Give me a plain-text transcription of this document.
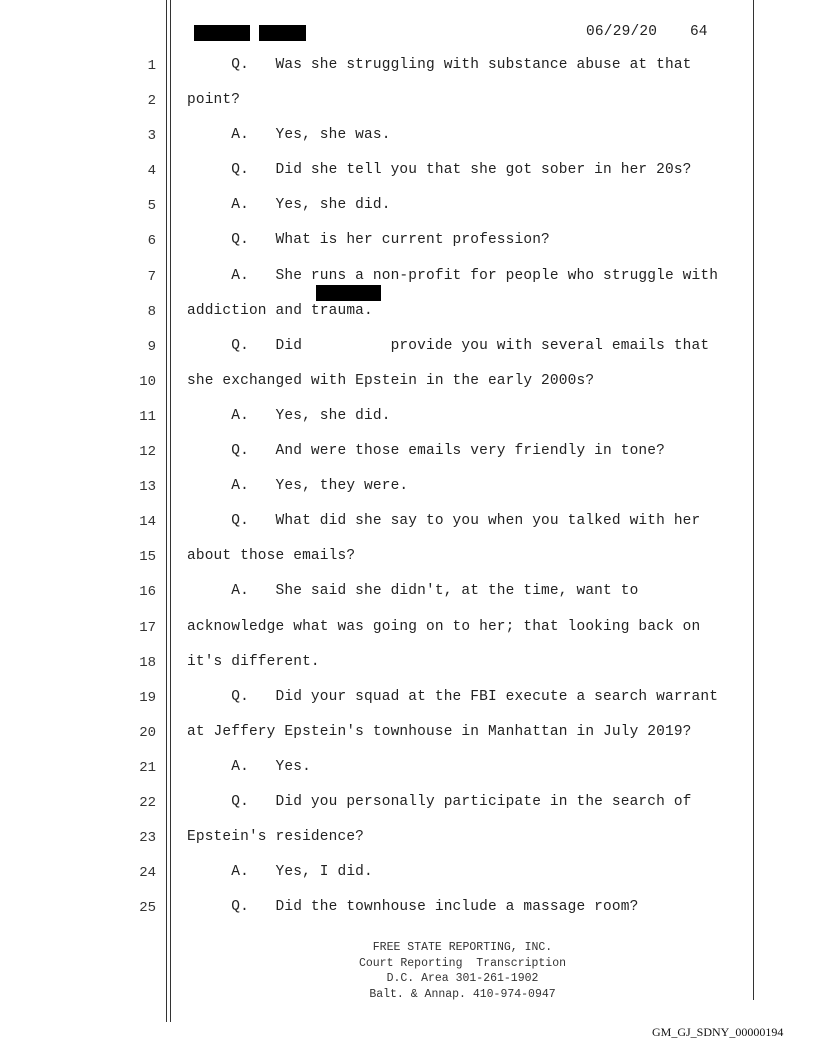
06/29/20 64
1 Q.   Was she struggling with substance abuse at that
2 point?
3 A.   Yes, she was.
4 Q.   Did she tell you that she got sober in her 20s?
5 A.   Yes, she did.
6 Q.   What is her current profession?
7 A.   She runs a non-profit for people who struggle with
8 addiction and trauma.
9 Q.   Did          provide you with several emails that
10 she exchanged with Epstein in the early 2000s?
11 A.   Yes, she did.
12 Q.   And were those emails very friendly in tone?
13 A.   Yes, they were.
14 Q.   What did she say to you when you talked with her
15 about those emails?
16 A.   She said she didn't, at the time, want to
17 acknowledge what was going on to her; that looking back on
18 it's different.
19 Q.   Did your squad at the FBI execute a search warrant
20 at Jeffery Epstein's townhouse in Manhattan in July 2019?
21 A.   Yes.
22 Q.   Did you personally participate in the search of
23 Epstein's residence?
24 A.   Yes, I did.
25 Q.   Did the townhouse include a massage room?
FREE STATE REPORTING, INC.
Court Reporting  Transcription
D.C. Area 301-261-1902
Balt. & Annap. 410-974-0947
GM_GJ_SDNY_00000194
